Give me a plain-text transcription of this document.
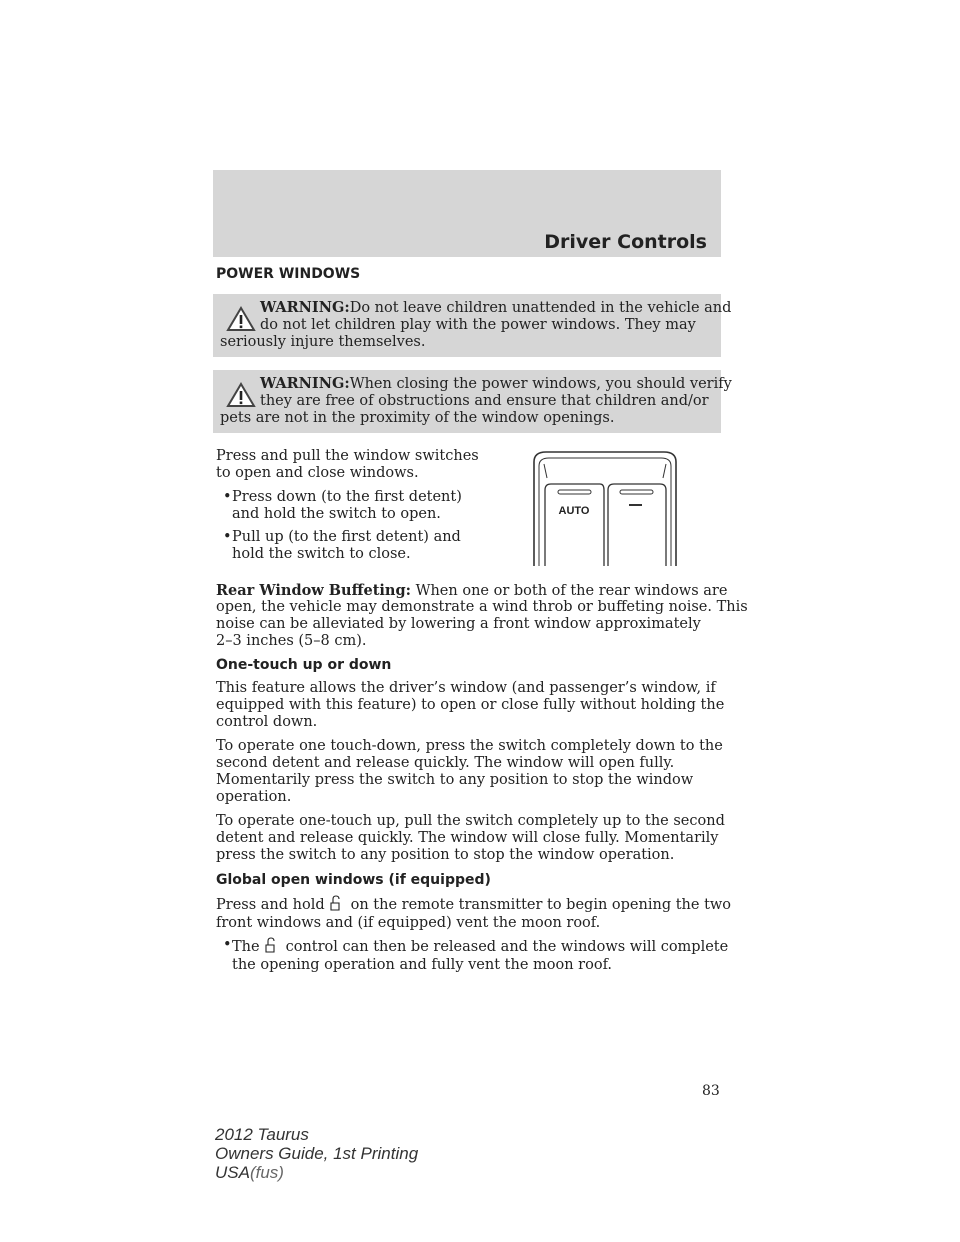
Driver Controls
POWER WINDOWS
WARNING:Do not leave children unattended in the vehicle and
do not let children play with the power windows. They may
seriously injure themselves.
WARNING:When closing the power windows, you should verify
they are free of obstructions and ensure that children and/or
pets are not in the proximity of the window openings.
Press and pull the window switches
to open and close windows.
• Press down (to the first detent)
and hold the switch to open.
• Pull up (to the first detent) and
hold the switch to close.
AUTO
Rear Window Buffeting: When one or both of the rear windows are
open, the vehicle may demonstrate a wind throb or buffeting noise. This
noise can be alleviated by lowering a front window approximately
2–3 inches (5–8 cm).
One-touch up or down
This feature allows the driver’s window (and passenger’s window, if
equipped with this feature) to open or close fully without holding the
control down.
To operate one touch-down, press the switch completely down to the
second detent and release quickly. The window will open fully.
Momentarily press the switch to any position to stop the window
operation.
To operate one-touch up, pull the switch completely up to the second
detent and release quickly. The window will close fully. Momentarily
press the switch to any position to stop the window operation.
Global open windows (if equipped)
Press and hold on the remote transmitter to begin opening the two
front windows and (if equipped) vent the moon roof.
• The control can then be released and the windows will complete
the opening operation and fully vent the moon roof.
83
2012 Taurus
Owners Guide, 1st Printing
USA(fus)
